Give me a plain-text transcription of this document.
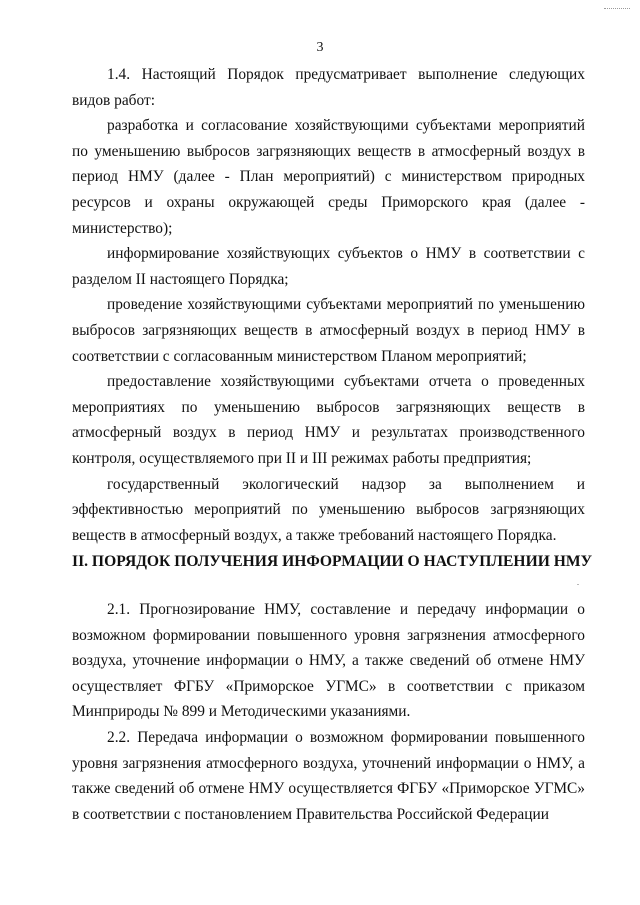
3

1.4. Настоящий Порядок предусматривает выполнение следующих видов работ:

разработка и согласование хозяйствующими субъектами мероприятий по уменьшению выбросов загрязняющих веществ в атмосферный воздух в период НМУ (далее - План мероприятий) с министерством природных ресурсов и охраны окружающей среды Приморского края (далее - министерство);

информирование хозяйствующих субъектов о НМУ в соответствии с разделом II настоящего Порядка;

проведение хозяйствующими субъектами мероприятий по уменьшению выбросов загрязняющих веществ в атмосферный воздух в период НМУ в соответствии с согласованным министерством Планом мероприятий;

предоставление хозяйствующими субъектами отчета о проведенных мероприятиях по уменьшению выбросов загрязняющих веществ в атмосферный воздух в период НМУ и результатах производственного контроля, осуществляемого при II и III режимах работы предприятия;

государственный экологический надзор за выполнением и эффективностью мероприятий по уменьшению выбросов загрязняющих веществ в атмосферный воздух, а также требований настоящего Порядка.

II. ПОРЯДОК ПОЛУЧЕНИЯ ИНФОРМАЦИИ О НАСТУПЛЕНИИ НМУ

2.1. Прогнозирование НМУ, составление и передачу информации о возможном формировании повышенного уровня загрязнения атмосферного воздуха, уточнение информации о НМУ, а также сведений об отмене НМУ осуществляет ФГБУ «Приморское УГМС» в соответствии с приказом Минприроды № 899 и Методическими указаниями.

2.2. Передача информации о возможном формировании повышенного уровня загрязнения атмосферного воздуха, уточнений информации о НМУ, а также сведений об отмене НМУ осуществляется ФГБУ «Приморское УГМС» в соответствии с постановлением Правительства Российской Федерации
